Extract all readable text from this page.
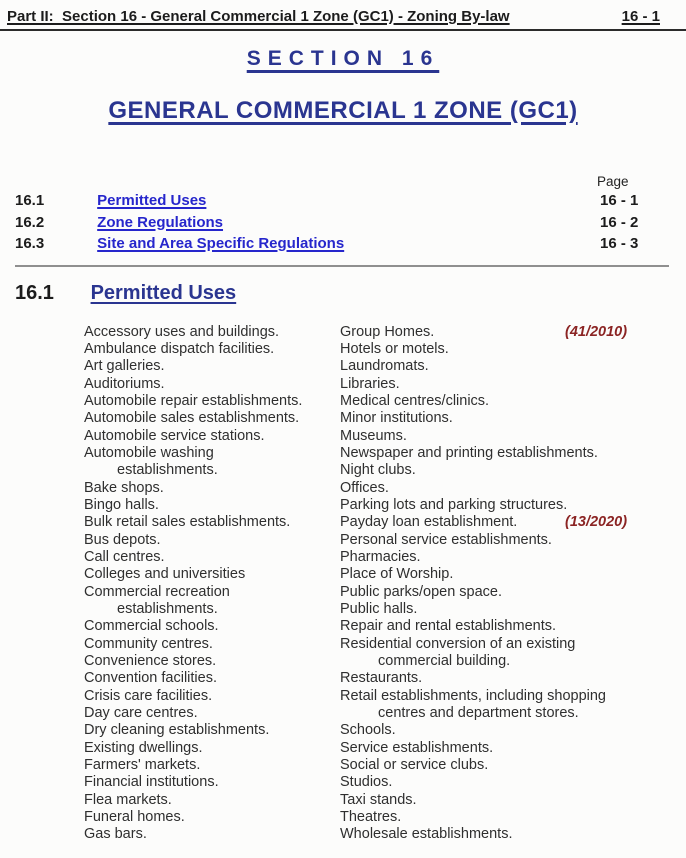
Part II:  Section 16 - General Commercial 1 Zone (GC1) - Zoning By-law	16 - 1
SECTION 16
GENERAL COMMERCIAL 1 ZONE (GC1)
Page
16.1	Permitted Uses	16 - 1
16.2	Zone Regulations	16 - 2
16.3	Site and Area Specific Regulations	16 - 3
16.1 Permitted Uses
Accessory uses and buildings.
Ambulance dispatch facilities.
Art galleries.
Auditoriums.
Automobile repair establishments.
Automobile sales establishments.
Automobile service stations.
Automobile washing
establishments.
Bake shops.
Bingo halls.
Bulk retail sales establishments.
Bus depots.
Call centres.
Colleges and universities
Commercial recreation
establishments.
Commercial schools.
Community centres.
Convenience stores.
Convention facilities.
Crisis care facilities.
Day care centres.
Dry cleaning establishments.
Existing dwellings.
Farmers' markets.
Financial institutions.
Flea markets.
Funeral homes.
Gas bars.
Group Homes.	(41/2010)
Hotels or motels.
Laundromats.
Libraries.
Medical centres/clinics.
Minor institutions.
Museums.
Newspaper and printing establishments.
Night clubs.
Offices.
Parking lots and parking structures.
Payday loan establishment.	(13/2020)
Personal service establishments.
Pharmacies.
Place of Worship.
Public parks/open space.
Public halls.
Repair and rental establishments.
Residential conversion of an existing
commercial building.
Restaurants.
Retail establishments, including shopping
centres and department stores.
Schools.
Service establishments.
Social or service clubs.
Studios.
Taxi stands.
Theatres.
Wholesale establishments.
